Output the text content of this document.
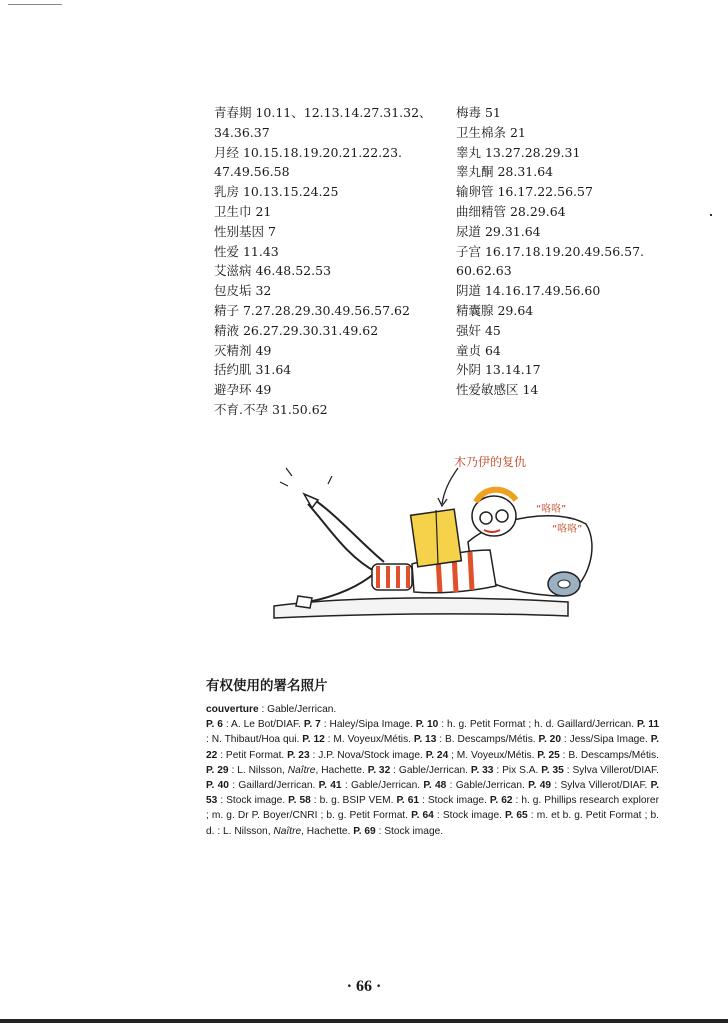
青春期 10.11、12.13.14.27.31.32、
34.36.37
月经 10.15.18.19.20.21.22.23.
47.49.56.58
乳房 10.13.15.24.25
卫生巾 21
性别基因 7
性爱 11.43
艾滋病 46.48.52.53
包皮垢 32
精子 7.27.28.29.30.49.56.57.62
精液 26.27.29.30.31.49.62
灭精剂 49
括约肌 31.64
避孕环 49
不育.不孕 31.50.62
梅毒 51
卫生棉条 21
睾丸 13.27.28.29.31
睾丸酮 28.31.64
输卵管 16.17.22.56.57
曲细精管 28.29.64
尿道 29.31.64
子宫 16.17.18.19.20.49.56.57.
60.62.63
阴道 14.16.17.49.56.60
精囊腺 29.64
强奸 45
童贞 64
外阴 13.14.17
性爱敏感区 14
木乃伊的复仇
“咯咯”
“咯咯”
有权使用的署名照片
couverture : Gable/Jerrican.
P. 6 : A. Le Bot/DIAF. P. 7 : Haley/Sipa Image. P. 10 : h. g. Petit Format ; h. d. Gaillard/Jerrican. P. 11 : N. Thibaut/Hoa qui. P. 12 : M. Voyeux/Métis. P. 13 : B. Descamps/Métis. P. 20 : Jess/Sipa Image. P. 22 : Petit Format. P. 23 : J.P. Nova/Stock image. P. 24 ; M. Voyeux/Métis. P. 25 : B. Descamps/Métis. P. 29 : L. Nilsson, Naître, Hachette. P. 32 : Gable/Jerrican. P. 33 : Pix S.A. P. 35 : Sylva Villerot/DIAF. P. 40 : Gaillard/Jerrican. P. 41 : Gable/Jerrican. P. 48 : Gable/Jerrican. P. 49 : Sylva Villerot/DIAF. P. 53 : Stock image. P. 58 : b. g. BSIP VEM. P. 61 : Stock image. P. 62 : h. g. Phillips research explorer ; m. g. Dr P. Boyer/CNRI ; b. g. Petit Format. P. 64 : Stock image. P. 65 : m. et b. g. Petit Format ; b. d. : L. Nilsson, Naître, Hachette. P. 69 : Stock image.
· 66 ·
